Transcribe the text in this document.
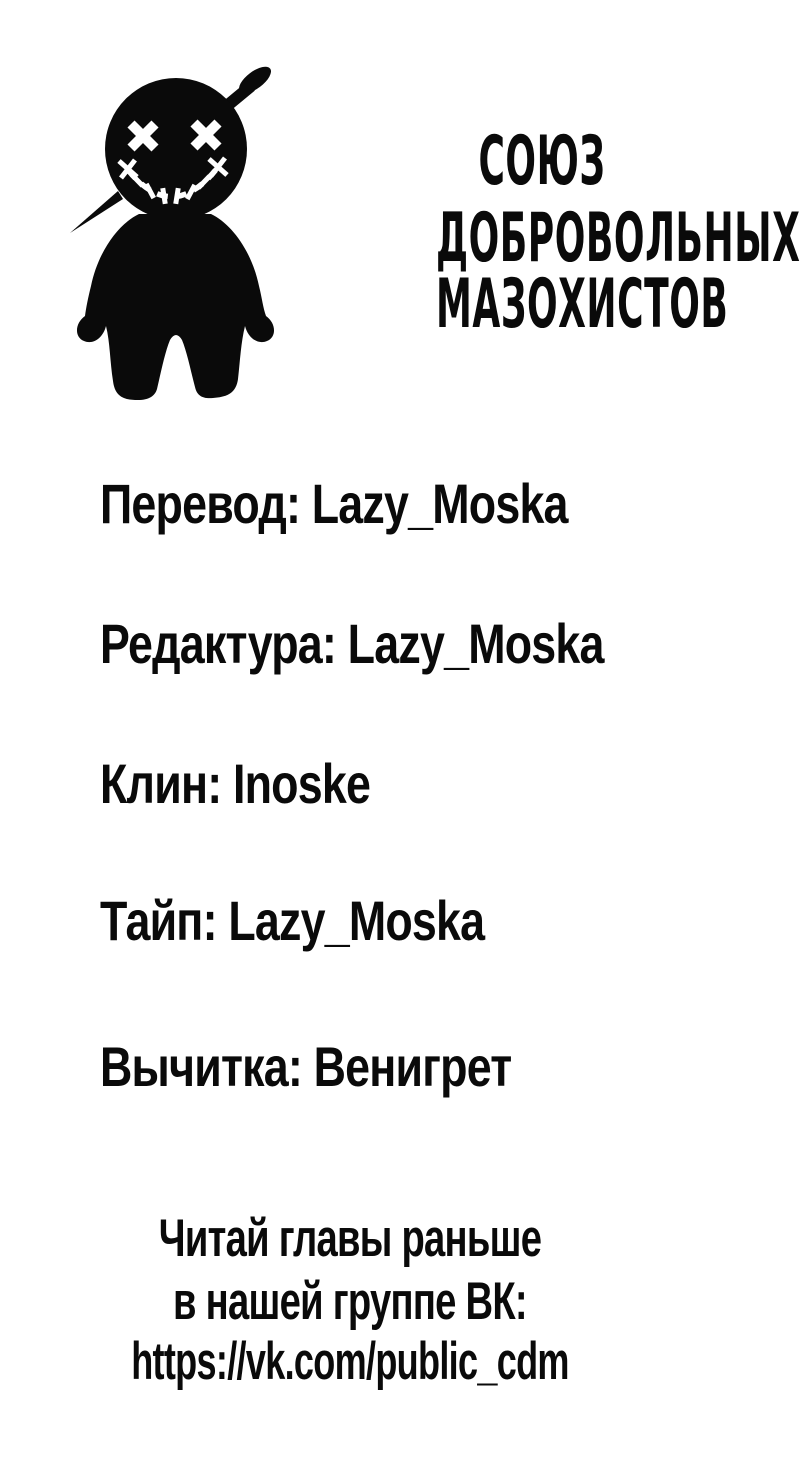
СОЮЗ
ДОБРОВОЛЬНЫХ
МАЗОХИСТОВ
Перевод: Lazy_Moska
Редактура: Lazy_Moska
Клин: Inoske
Тайп: Lazy_Moska
Вычитка: Венигрет
Читай главы раньше
в нашей группе ВК:
https://vk.com/public_cdm
